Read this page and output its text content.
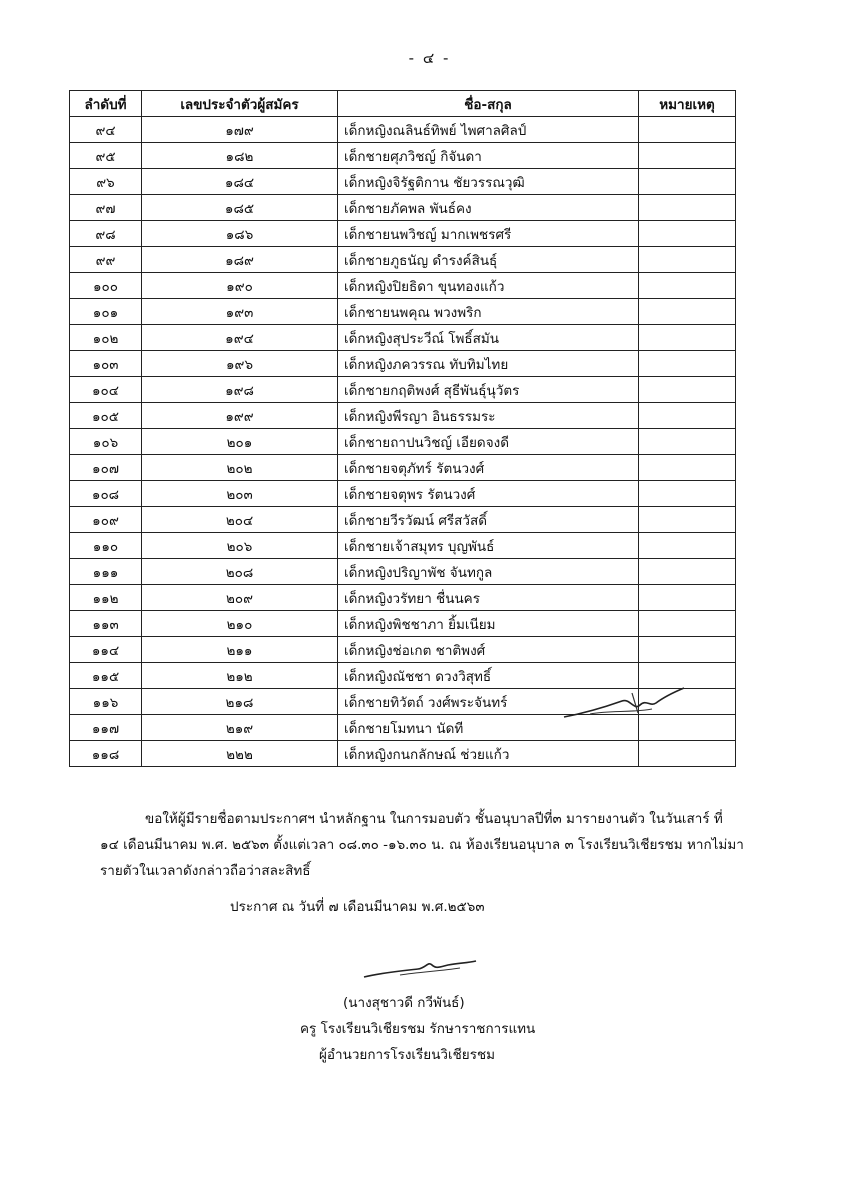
- ๔ -
ลำดับที่	เลขประจำตัวผู้สมัคร	ชื่อ-สกุล	หมายเหตุ
๙๔	๑๗๙	เด็กหญิงณลินธ์ทิพย์ ไพศาลศิลป์	
๙๕	๑๘๒	เด็กชายศุภวิชญ์ กิจันดา	
๙๖	๑๘๔	เด็กหญิงจิรัฐติกาน ชัยวรรณวุฒิ	
๙๗	๑๘๕	เด็กชายภัคพล พันธ์คง	
๙๘	๑๘๖	เด็กชายนพวิชญ์ มากเพชรศรี	
๙๙	๑๘๙	เด็กชายภูธนัญ ดำรงค์สินธุ์	
๑๐๐	๑๙๐	เด็กหญิงปิยธิดา ขุนทองแก้ว	
๑๐๑	๑๙๓	เด็กชายนพคุณ พวงพริก	
๑๐๒	๑๙๔	เด็กหญิงสุประวีณ์ โพธิ์สมัน	
๑๐๓	๑๙๖	เด็กหญิงภควรรณ ทับทิมไทย	
๑๐๔	๑๙๘	เด็กชายกฤติพงศ์ สุธีพันธุ์นุวัตร	
๑๐๕	๑๙๙	เด็กหญิงพีรญา อินธรรมระ	
๑๐๖	๒๐๑	เด็กชายถาปนวิชญ์ เอียดจงดี	
๑๐๗	๒๐๒	เด็กชายจตุภัทร์ รัตนวงศ์	
๑๐๘	๒๐๓	เด็กชายจตุพร รัตนวงศ์	
๑๐๙	๒๐๔	เด็กชายวีรวัฒน์ ศรีสวัสดิ์	
๑๑๐	๒๐๖	เด็กชายเจ้าสมุทร บุญพันธ์	
๑๑๑	๒๐๘	เด็กหญิงปริญาพัช จันทกูล	
๑๑๒	๒๐๙	เด็กหญิงวรัทยา ชื่นนคร	
๑๑๓	๒๑๐	เด็กหญิงพิชชาภา ยิ้มเนียม	
๑๑๔	๒๑๑	เด็กหญิงช่อเกต ชาติพงศ์	
๑๑๕	๒๑๒	เด็กหญิงณัชชา ดวงวิสุทธิ์	
๑๑๖	๒๑๘	เด็กชายทิวัตถ์ วงศ์พระจันทร์	
๑๑๗	๒๑๙	เด็กชายโมทนา นัดที	
๑๑๘	๒๒๒	เด็กหญิงกนกลักษณ์ ช่วยแก้ว	
ขอให้ผู้มีรายชื่อตามประกาศฯ นำหลักฐาน ในการมอบตัว ชั้นอนุบาลปีที่๓ มารายงานตัว ในวันเสาร์ ที่ ๑๔ เดือนมีนาคม พ.ศ. ๒๕๖๓ ตั้งแต่เวลา ๐๘.๓๐ -๑๖.๓๐ น. ณ ห้องเรียนอนุบาล ๓ โรงเรียนวิเชียรชม หากไม่มารายตัวในเวลาดังกล่าวถือว่าสละสิทธิ์
ประกาศ ณ วันที่ ๗ เดือนมีนาคม พ.ศ.๒๕๖๓
(นางสุชาวดี กวีพันธ์)
ครู โรงเรียนวิเชียรชม รักษาราชการแทน
ผู้อำนวยการโรงเรียนวิเชียรชม
